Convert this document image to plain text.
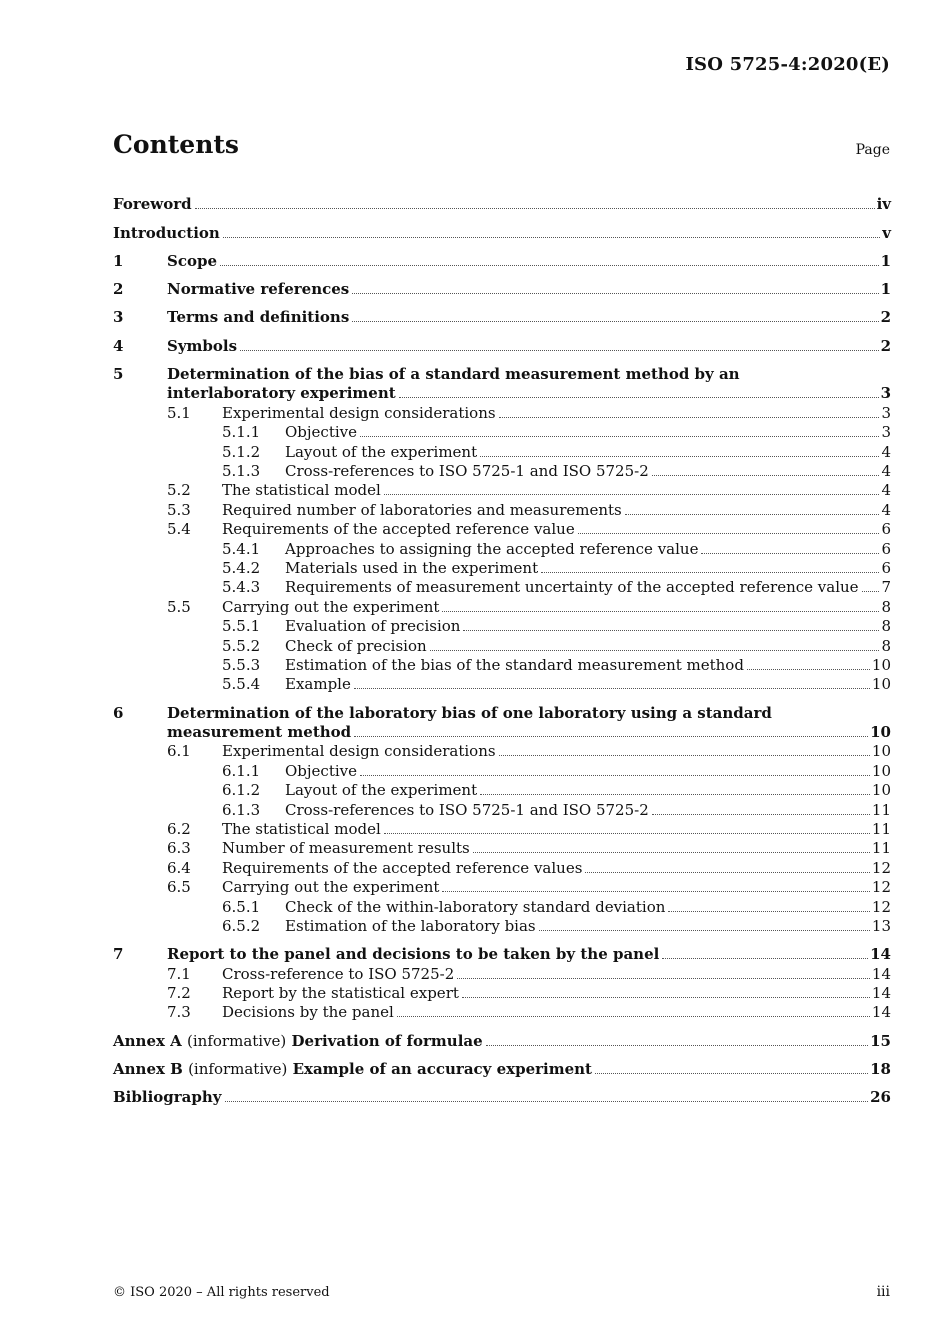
ISO 5725-4:2020(E)
Contents	Page
Foreword	iv
Introduction	v
1	Scope	1
2	Normative references	1
3	Terms and definitions	2
4	Symbols	2
5	Determination of the bias of a standard measurement method by an
interlaboratory experiment	3
5.1	Experimental design considerations	3
5.1.1	Objective	3
5.1.2	Layout of the experiment	4
5.1.3	Cross-references to ISO 5725-1 and ISO 5725-2	4
5.2	The statistical model	4
5.3	Required number of laboratories and measurements	4
5.4	Requirements of the accepted reference value	6
5.4.1	Approaches to assigning the accepted reference value	6
5.4.2	Materials used in the experiment	6
5.4.3	Requirements of measurement uncertainty of the accepted reference value 7
5.5	Carrying out the experiment	8
5.5.1	Evaluation of precision	8
5.5.2	Check of precision	8
5.5.3	Estimation of the bias of the standard measurement method	10
5.5.4	Example	10
6	Determination of the laboratory bias of one laboratory using a standard
measurement method	10
6.1	Experimental design considerations	10
6.1.1	Objective	10
6.1.2	Layout of the experiment	10
6.1.3	Cross-references to ISO 5725-1 and ISO 5725-2	11
6.2	The statistical model	11
6.3	Number of measurement results	11
6.4	Requirements of the accepted reference values	12
6.5	Carrying out the experiment	12
6.5.1	Check of the within-laboratory standard deviation	12
6.5.2	Estimation of the laboratory bias	13
7	Report to the panel and decisions to be taken by the panel	14
7.1	Cross-reference to ISO 5725-2	14
7.2	Report by the statistical expert	14
7.3	Decisions by the panel	14
Annex A (informative) Derivation of formulae	15
Annex B (informative) Example of an accuracy experiment	18
Bibliography	26
© ISO 2020 – All rights reserved	iii
